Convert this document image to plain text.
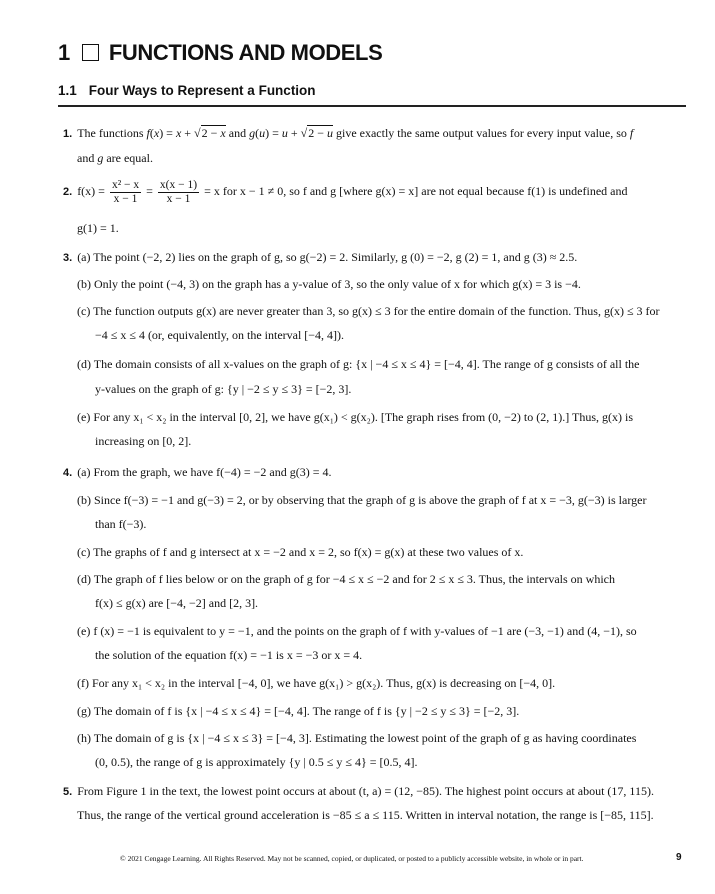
1 FUNCTIONS AND MODELS
1.1 Four Ways to Represent a Function
1. The functions f(x) = x + √2 − x and g(u) = u + √2 − u give exactly the same output values for every input value, so f
and g are equal.
2. $f(x) = \frac{\text{x² − x}}{x - 1} = \frac{x(x - 1)}{x - 1} = x$ for x − 1 ≠ 0, so f and g [where g(x) = x] are not equal because f(1) is undefined and
g(1) = 1.
3. (a) The point (−2, 2) lies on the graph of g, so g(−2) = 2. Similarly, g (0) = −2, g (2) = 1, and g (3) ≈ 2.5.
(b) Only the point (−4, 3) on the graph has a y-value of 3, so the only value of x for which g(x) = 3 is −4.
(c) The function outputs g(x) are never greater than 3, so g(x) ≤ 3 for the entire domain of the function. Thus, g(x) ≤ 3 for
−4 ≤ x ≤ 4 (or, equivalently, on the interval [−4, 4]).
(d) The domain consists of all x-values on the graph of g: {x | −4 ≤ x ≤ 4} = [−4, 4]. The range of g consists of all the
y-values on the graph of g: {y | −2 ≤ y ≤ 3} = [−2, 3].
(e) For any x₁ < x₂ in the interval [0, 2], we have g(x₁) < g(x₂). [The graph rises from (0, −2) to (2, 1).] Thus, g(x) is
increasing on [0, 2].
4. (a) From the graph, we have f(−4) = −2 and g(3) = 4.
(b) Since f(−3) = −1 and g(−3) = 2, or by observing that the graph of g is above the graph of f at x = −3, g(−3) is larger
than f(−3).
(c) The graphs of f and g intersect at x = −2 and x = 2, so f(x) = g(x) at these two values of x.
(d) The graph of f lies below or on the graph of g for −4 ≤ x ≤ −2 and for 2 ≤ x ≤ 3. Thus, the intervals on which
f(x) ≤ g(x) are [−4, −2] and [2, 3].
(e) f (x) = −1 is equivalent to y = −1, and the points on the graph of f with y-values of −1 are (−3, −1) and (4, −1), so
the solution of the equation f(x) = −1 is x = −3 or x = 4.
(f) For any x₁ < x₂ in the interval [−4, 0], we have g(x₁) > g(x₂). Thus, g(x) is decreasing on [−4, 0].
(g) The domain of f is {x | −4 ≤ x ≤ 4} = [−4, 4]. The range of f is {y | −2 ≤ y ≤ 3} = [−2, 3].
(h) The domain of g is {x | −4 ≤ x ≤ 3} = [−4, 3]. Estimating the lowest point of the graph of g as having coordinates
(0, 0.5), the range of g is approximately {y | 0.5 ≤ y ≤ 4} = [0.5, 4].
5. From Figure 1 in the text, the lowest point occurs at about (t, a) = (12, −85). The highest point occurs at about (17, 115).
Thus, the range of the vertical ground acceleration is −85 ≤ a ≤ 115. Written in interval notation, the range is [−85, 115].
© 2021 Cengage Learning. All Rights Reserved. May not be scanned, copied, or duplicated, or posted to a publicly accessible website, in whole or in part.	9
